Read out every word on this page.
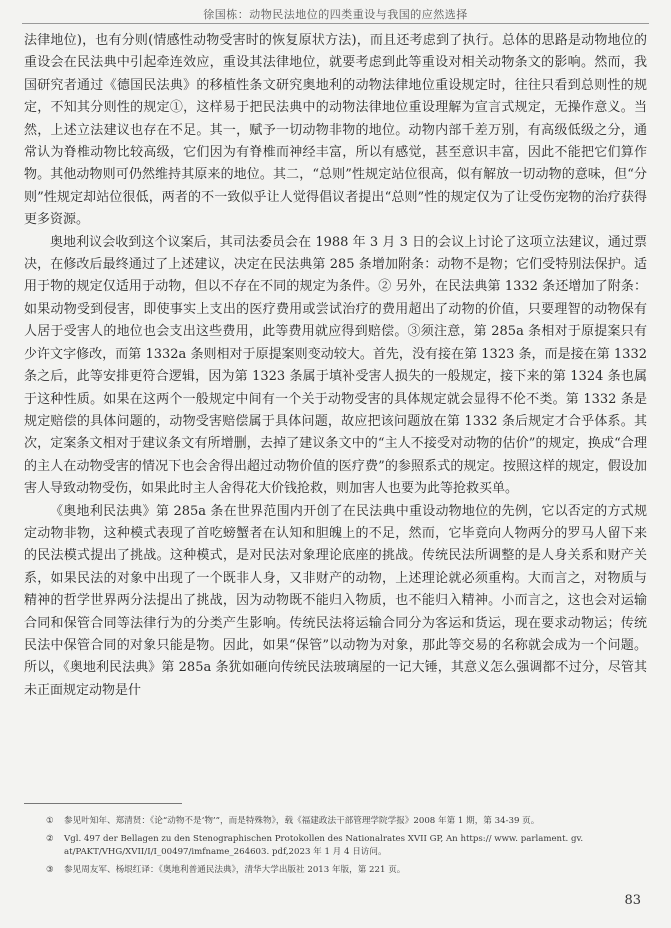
徐国栋：动物民法地位的四类重设与我国的应然选择

法律地位)，也有分则(情感性动物受害时的恢复原状方法)，而且还考虑到了执行。总体的思路是动物地位的重设会在民法典中引起牵连效应，重设其法律地位，就要考虑到此等重设对相关动物条文的影响。然而，我国研究者通过《德国民法典》的移植性条文研究奥地利的动物法律地位重设规定时，往往只看到总则性的规定，不知其分则性的规定①，这样易于把民法典中的动物法律地位重设理解为宣言式规定，无操作意义。当然，上述立法建议也存在不足。其一，赋予一切动物非物的地位。动物内部千差万别，有高级低级之分，通常认为脊椎动物比较高级，它们因为有脊椎而神经丰富，所以有感觉，甚至意识丰富，因此不能把它们算作物。其他动物则可仍然维持其原来的地位。其二，“总则”性规定站位很高，似有解放一切动物的意味，但“分则”性规定却站位很低，两者的不一致似乎让人觉得倡议者提出“总则”性的规定仅为了让受伤宠物的治疗获得更多资源。

奥地利议会收到这个议案后，其司法委员会在 1988 年 3 月 3 日的会议上讨论了这项立法建议，通过票决，在修改后最终通过了上述建议，决定在民法典第 285 条增加附条：动物不是物；它们受特别法保护。适用于物的规定仅适用于动物，但以不存在不同的规定为条件。② 另外，在民法典第 1332 条还增加了附条：如果动物受到侵害，即使事实上支出的医疗费用或尝试治疗的费用超出了动物的价值，只要理智的动物保有人居于受害人的地位也会支出这些费用，此等费用就应得到赔偿。③须注意，第 285a 条相对于原提案只有少许文字修改，而第 1332a 条则相对于原提案则变动较大。首先，没有接在第 1323 条，而是接在第 1332 条之后，此等安排更符合逻辑，因为第 1323 条属于填补受害人损失的一般规定，接下来的第 1324 条也属于这种性质。如果在这两个一般规定中间有一个关于动物受害的具体规定就会显得不伦不类。第 1332 条是规定赔偿的具体问题的，动物受害赔偿属于具体问题，故应把该问题放在第 1332 条后规定才合乎体系。其次，定案条文相对于建议条文有所增删，去掉了建议条文中的“主人不接受对动物的估价”的规定，换成“合理的主人在动物受害的情况下也会舍得出超过动物价值的医疗费”的参照系式的规定。按照这样的规定，假设加害人导致动物受伤，如果此时主人舍得花大价钱抢救，则加害人也要为此等抢救买单。

《奥地利民法典》第 285a 条在世界范围内开创了在民法典中重设动物地位的先例，它以否定的方式规定动物非物，这种模式表现了首吃螃蟹者在认知和胆魄上的不足，然而，它毕竟向人物两分的罗马人留下来的民法模式提出了挑战。这种模式，是对民法对象理论底座的挑战。传统民法所调整的是人身关系和财产关系，如果民法的对象中出现了一个既非人身，又非财产的动物，上述理论就必须重构。大而言之，对物质与精神的哲学世界两分法提出了挑战，因为动物既不能归入物质，也不能归入精神。小而言之，这也会对运输合同和保管合同等法律行为的分类产生影响。传统民法将运输合同分为客运和货运，现在要求动物运；传统民法中保管合同的对象只能是物。因此，如果“保管”以动物为对象，那此等交易的名称就会成为一个问题。所以，《奥地利民法典》第 285a 条犹如砸向传统民法玻璃屋的一记大锤，其意义怎么强调都不过分，尽管其未正面规定动物是什

① 参见叶知年、郑清贤：《论“动物不是‘物’”，而是特殊物》，载《福建政法干部管理学院学报》2008 年第 1 期，第 34-39 页。
② Vgl. 497 der Bellagen zu den Stenographischen Protokollen des Nationalrates XVII GP, An https:// www. parlament. gv. at/PAKT/VHG/XVII/I/I_00497/imfname_264603. pdf,2023 年 1 月 4 日访问。
③ 参见周友军、杨垠红译：《奥地利普通民法典》，清华大学出版社 2013 年版，第 221 页。
83
